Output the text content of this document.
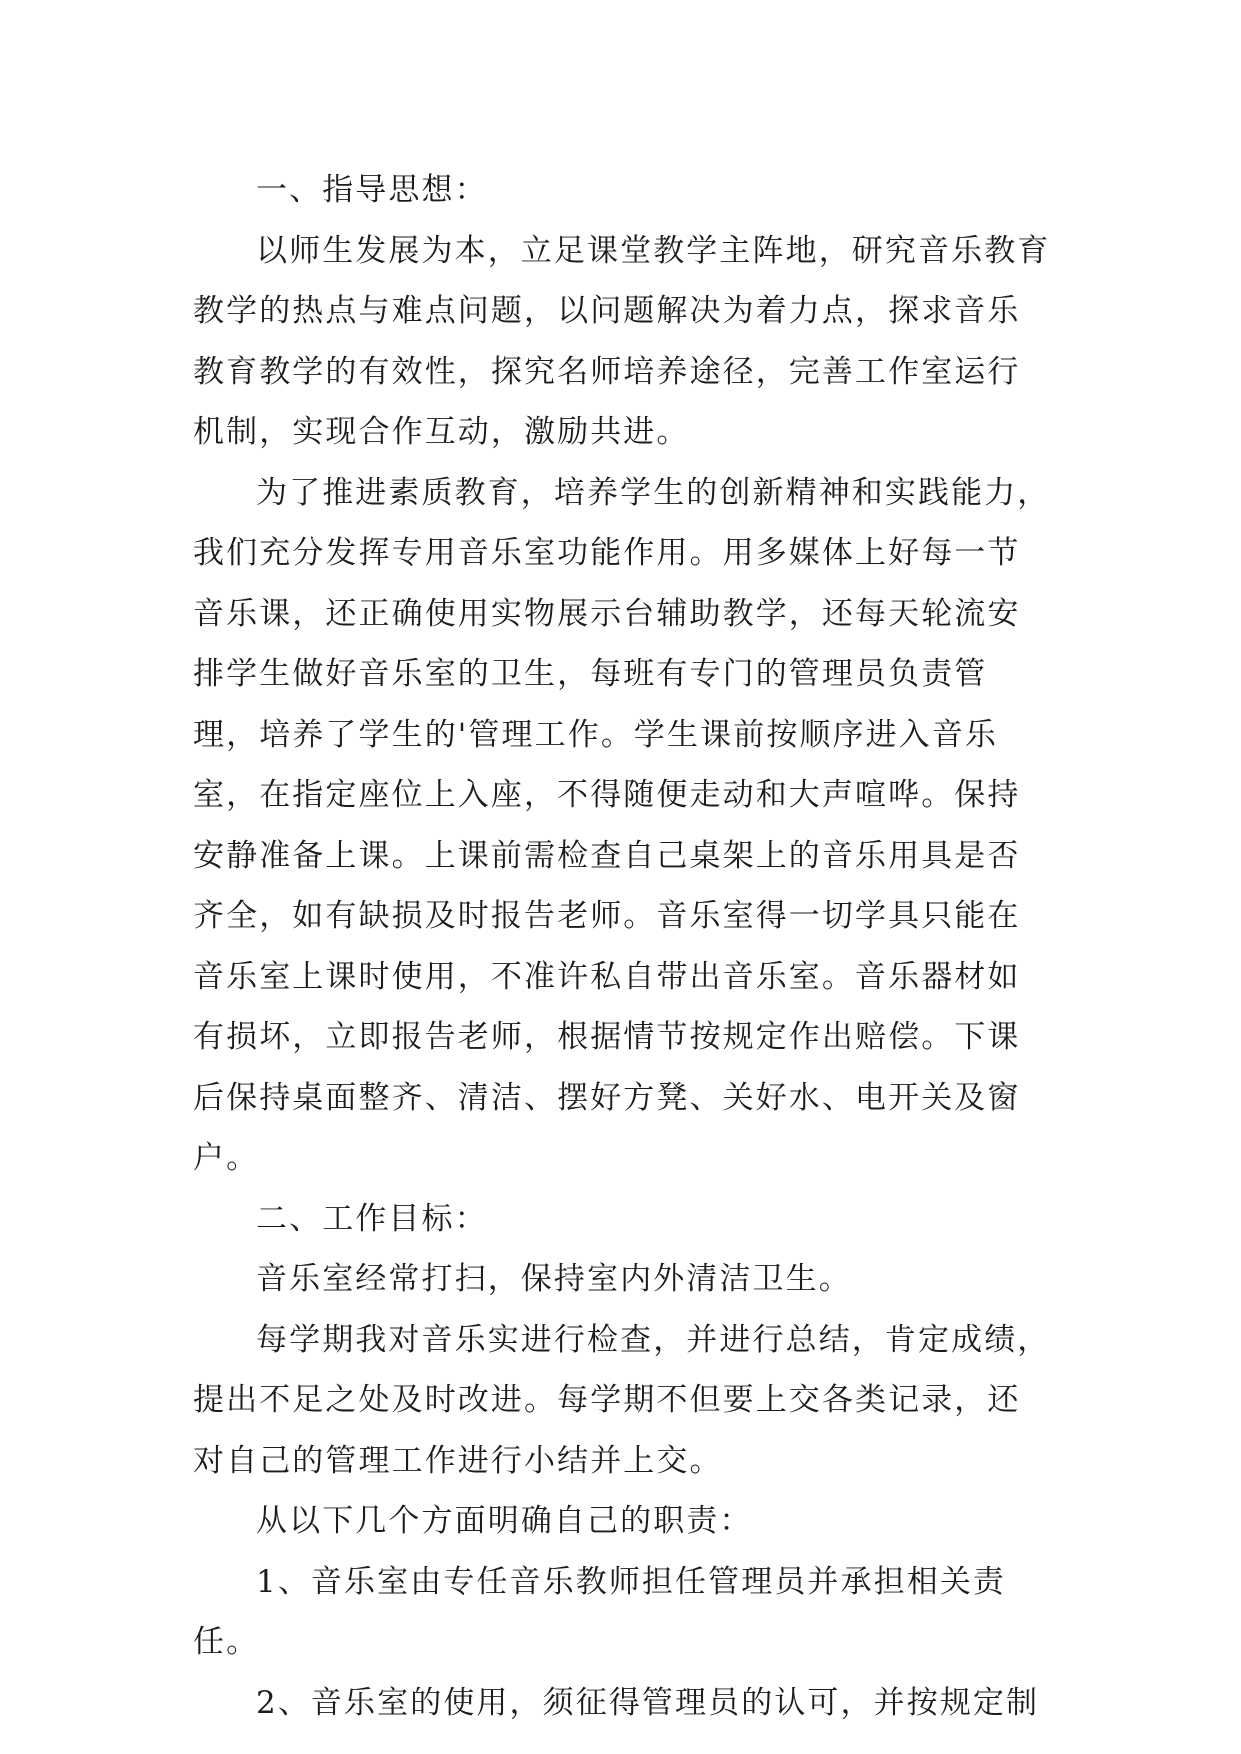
一、指导思想：

以师生发展为本，立足课堂教学主阵地，研究音乐教育教学的热点与难点问题，以问题解决为着力点，探求音乐教育教学的有效性，探究名师培养途径，完善工作室运行机制，实现合作互动，激励共进。

为了推进素质教育，培养学生的创新精神和实践能力，我们充分发挥专用音乐室功能作用。用多媒体上好每一节音乐课，还正确使用实物展示台辅助教学，还每天轮流安排学生做好音乐室的卫生，每班有专门的管理员负责管理，培养了学生的'管理工作。学生课前按顺序进入音乐室，在指定座位上入座，不得随便走动和大声喧哗。保持安静准备上课。上课前需检查自己桌架上的音乐用具是否齐全，如有缺损及时报告老师。音乐室得一切学具只能在音乐室上课时使用，不准许私自带出音乐室。音乐器材如有损坏，立即报告老师，根据情节按规定作出赔偿。下课后保持桌面整齐、清洁、摆好方凳、关好水、电开关及窗户。

二、工作目标：

音乐室经常打扫，保持室内外清洁卫生。

每学期我对音乐实进行检查，并进行总结，肯定成绩，提出不足之处及时改进。每学期不但要上交各类记录，还对自己的管理工作进行小结并上交。

从以下几个方面明确自己的职责：

1、音乐室由专任音乐教师担任管理员并承担相关责任。

2、音乐室的使用，须征得管理员的认可，并按规定制
